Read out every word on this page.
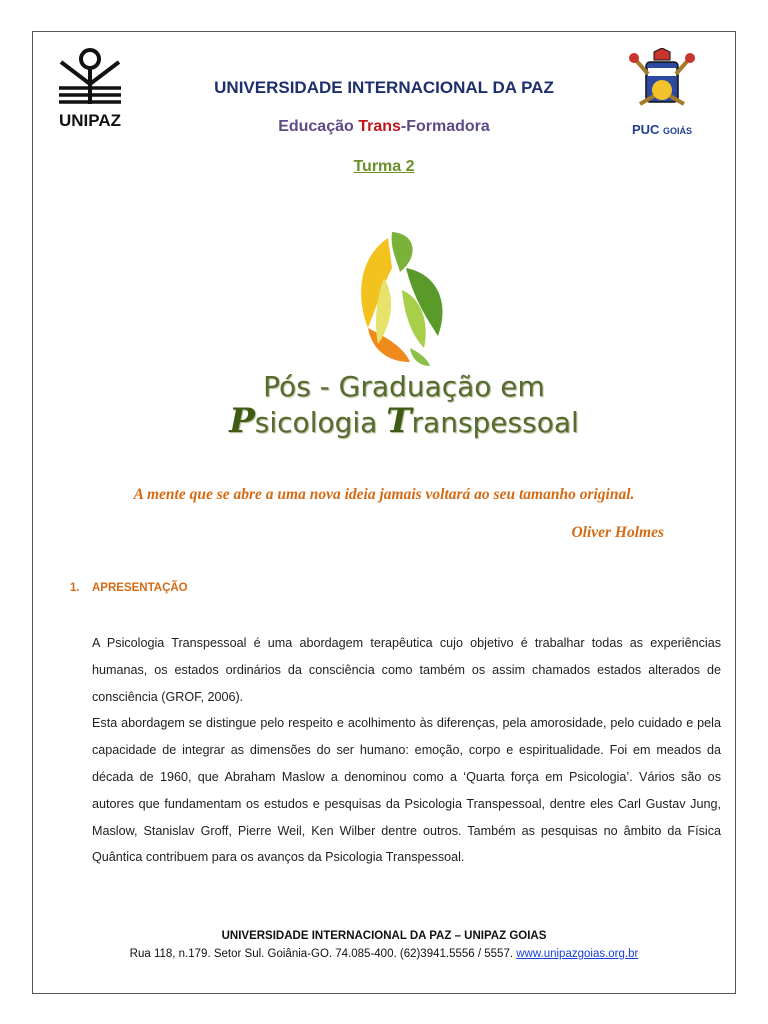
UNIPAZ	PUC GOIÁS
UNIVERSIDADE INTERNACIONAL DA PAZ
Educação Trans-Formadora
Turma 2
Pós - Graduação em
Psicologia Transpessoal
A mente que se abre a uma nova ideia jamais voltará ao seu tamanho original.
Oliver Holmes
1. APRESENTAÇÃO

A Psicologia Transpessoal é uma abordagem terapêutica cujo objetivo é trabalhar todas as experiências humanas, os estados ordinários da consciência como também os assim chamados estados alterados de consciência (GROF, 2006).

Esta abordagem se distingue pelo respeito e acolhimento às diferenças, pela amorosidade, pelo cuidado e pela capacidade de integrar as dimensões do ser humano: emoção, corpo e espiritualidade. Foi em meados da década de 1960, que Abraham Maslow a denominou como a ‘Quarta força em Psicologia’. Vários são os autores que fundamentam os estudos e pesquisas da Psicologia Transpessoal, dentre eles Carl Gustav Jung, Maslow, Stanislav Groff, Pierre Weil, Ken Wilber dentre outros. Também as pesquisas no âmbito da Física Quântica contribuem para os avanços da Psicologia Transpessoal.

UNIVERSIDADE INTERNACIONAL DA PAZ – UNIPAZ GOIAS
Rua 118, n.179. Setor Sul. Goiânia-GO. 74.085-400. (62)3941.5556 / 5557. www.unipazgoias.org.br
